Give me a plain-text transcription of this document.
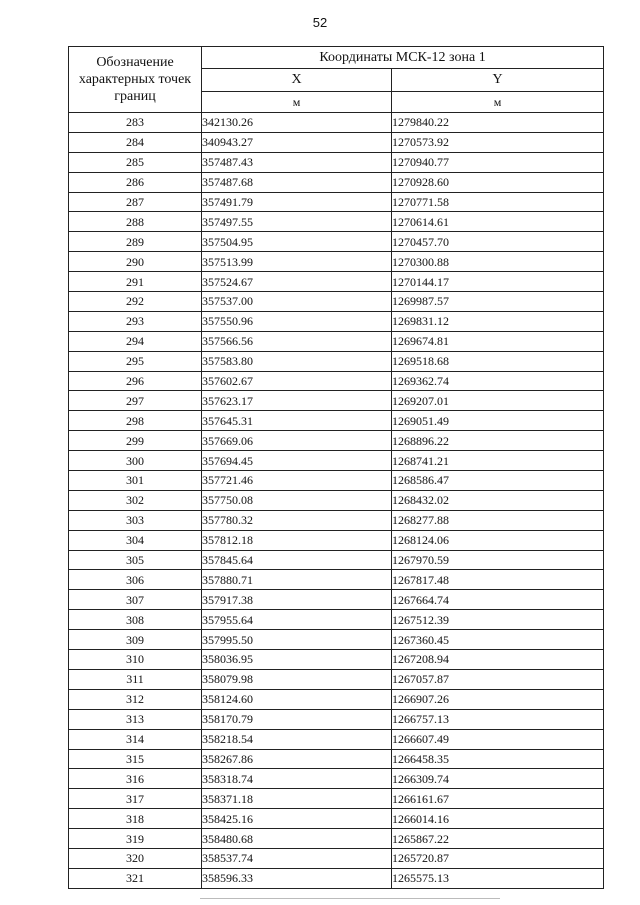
52
Обозначение характерных точек границ	Координаты МСК-12 зона 1	
	X	Y
	м	м
283	342130.26	1279840.22
284	340943.27	1270573.92
285	357487.43	1270940.77
286	357487.68	1270928.60
287	357491.79	1270771.58
288	357497.55	1270614.61
289	357504.95	1270457.70
290	357513.99	1270300.88
291	357524.67	1270144.17
292	357537.00	1269987.57
293	357550.96	1269831.12
294	357566.56	1269674.81
295	357583.80	1269518.68
296	357602.67	1269362.74
297	357623.17	1269207.01
298	357645.31	1269051.49
299	357669.06	1268896.22
300	357694.45	1268741.21
301	357721.46	1268586.47
302	357750.08	1268432.02
303	357780.32	1268277.88
304	357812.18	1268124.06
305	357845.64	1267970.59
306	357880.71	1267817.48
307	357917.38	1267664.74
308	357955.64	1267512.39
309	357995.50	1267360.45
310	358036.95	1267208.94
311	358079.98	1267057.87
312	358124.60	1266907.26
313	358170.79	1266757.13
314	358218.54	1266607.49
315	358267.86	1266458.35
316	358318.74	1266309.74
317	358371.18	1266161.67
318	358425.16	1266014.16
319	358480.68	1265867.22
320	358537.74	1265720.87
321	358596.33	1265575.13
